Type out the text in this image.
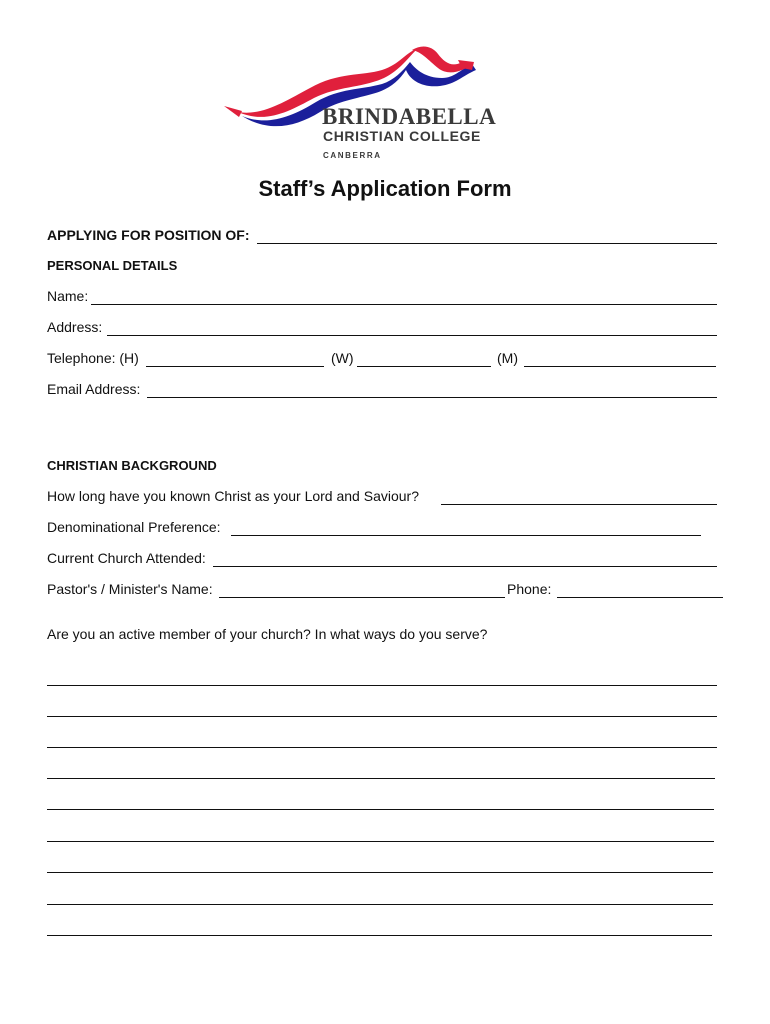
BRINDABELLA
CHRISTIAN COLLEGE
CANBERRA
Staff’s Application Form
APPLYING FOR POSITION OF:
PERSONAL DETAILS
Name:
Address:
Telephone: (H)	(W)	(M)
Email Address:
CHRISTIAN BACKGROUND
How long have you known Christ as your Lord and Saviour?
Denominational Preference:
Current Church Attended:
Pastor's / Minister's Name:	Phone:
Are you an active member of your church? In what ways do you serve?
